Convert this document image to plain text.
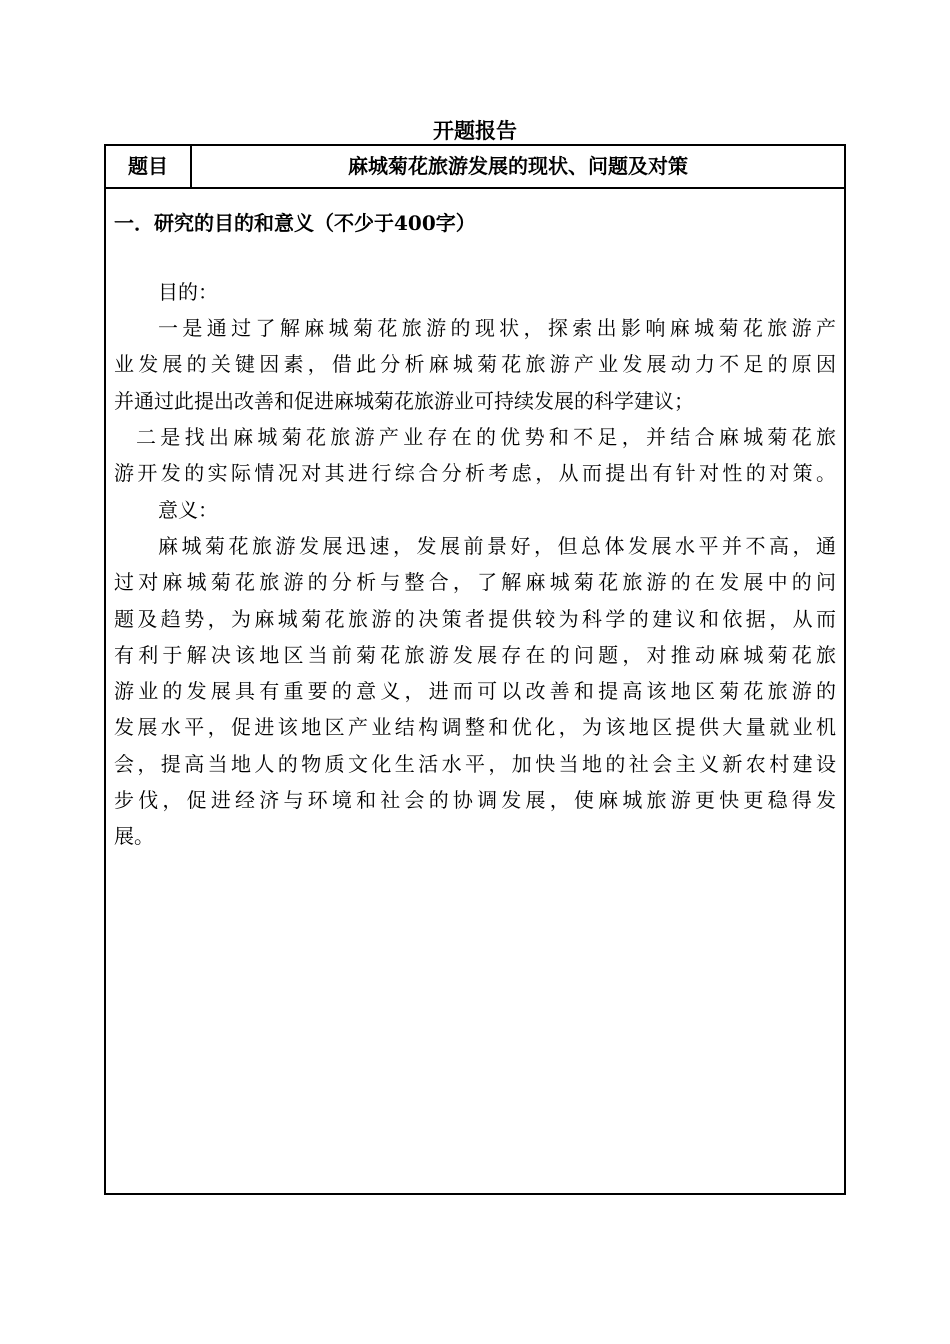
开题报告
题目	麻城菊花旅游发展的现状、问题及对策
一．研究的目的和意义（不少于400字）
目的：
一是通过了解麻城菊花旅游的现状，探索出影响麻城菊花旅游产
业发展的关键因素，借此分析麻城菊花旅游产业发展动力不足的原因
并通过此提出改善和促进麻城菊花旅游业可持续发展的科学建议；
二是找出麻城菊花旅游产业存在的优势和不足，并结合麻城菊花旅
游开发的实际情况对其进行综合分析考虑，从而提出有针对性的对策。
意义：
麻城菊花旅游发展迅速，发展前景好，但总体发展水平并不高，通
过对麻城菊花旅游的分析与整合，了解麻城菊花旅游的在发展中的问
题及趋势，为麻城菊花旅游的决策者提供较为科学的建议和依据，从而
有利于解决该地区当前菊花旅游发展存在的问题，对推动麻城菊花旅
游业的发展具有重要的意义，进而可以改善和提高该地区菊花旅游的
发展水平，促进该地区产业结构调整和优化，为该地区提供大量就业机
会，提高当地人的物质文化生活水平，加快当地的社会主义新农村建设
步伐，促进经济与环境和社会的协调发展，使麻城旅游更快更稳得发
展。
